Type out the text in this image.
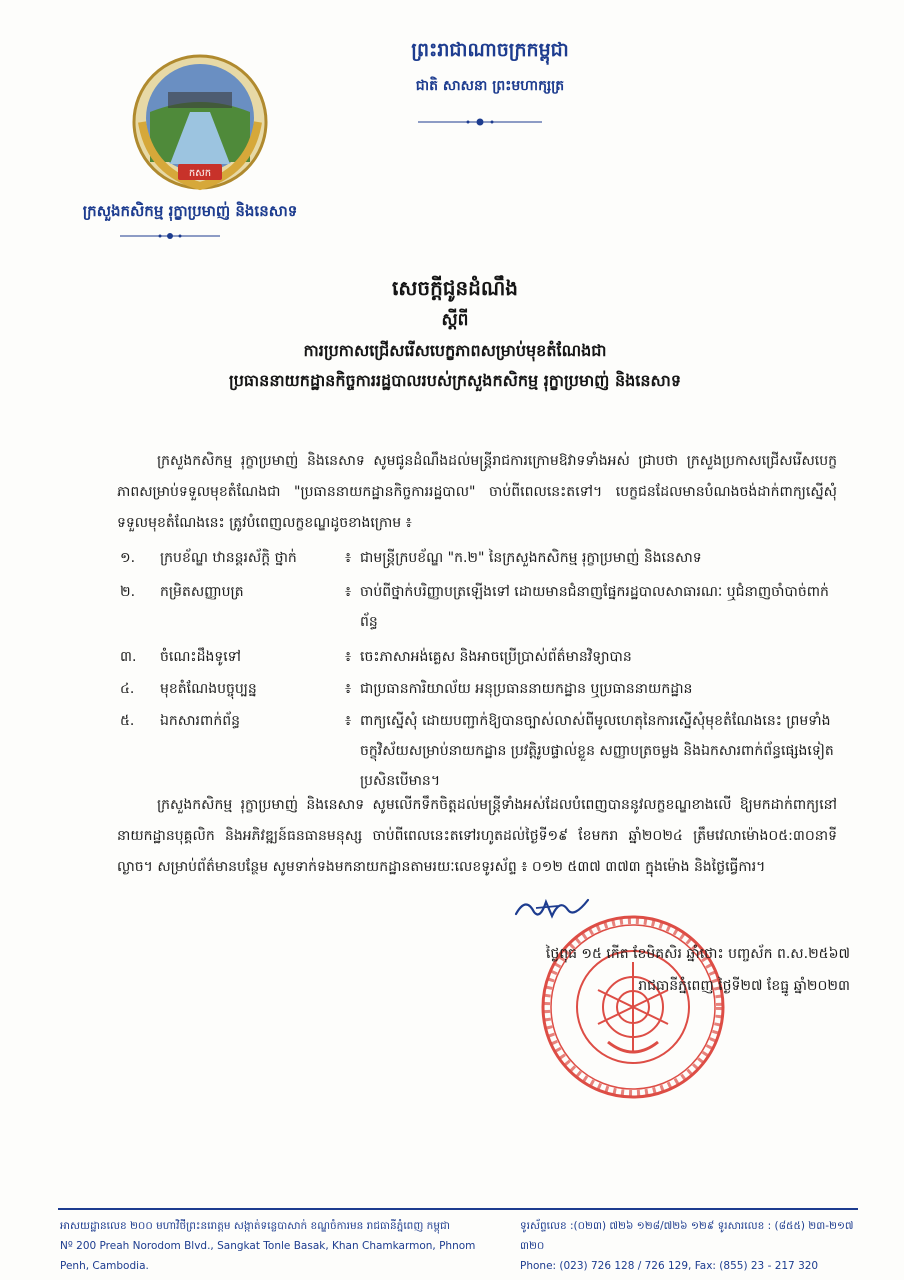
កសក
ក្រសួងកសិកម្ម រុក្ខាប្រមាញ់ និងនេសាទ
ព្រះរាជាណាចក្រកម្ពុជា
ជាតិ សាសនា ព្រះមហាក្សត្រ
សេចក្តីជូនដំណឹង
ស្តីពី
ការប្រកាសជ្រើសរើសបេក្ខភាពសម្រាប់មុខតំណែងជា
ប្រធាននាយកដ្ឋានកិច្ចការរដ្ឋបាលរបស់ក្រសួងកសិកម្ម រុក្ខាប្រមាញ់ និងនេសាទ
ក្រសួងកសិកម្ម រុក្ខាប្រមាញ់ និងនេសាទ សូមជូនដំណឹងដល់មន្ត្រីរាជការក្រោមឱវាទទាំងអស់ ជ្រាបថា ក្រសួងប្រកាសជ្រើសរើសបេក្ខភាពសម្រាប់ទទួលមុខតំណែងជា "ប្រធាននាយកដ្ឋានកិច្ចការរដ្ឋបាល" ចាប់ពីពេលនេះតទៅ។ បេក្ខជនដែលមានបំណងចង់ដាក់ពាក្យស្នើសុំទទួលមុខតំណែងនេះ ត្រូវបំពេញលក្ខខណ្ឌដូចខាងក្រោម ៖
១.	ក្របខ័ណ្ឌ ឋានន្តរស័ក្តិ ថ្នាក់	៖ ជាមន្ត្រីក្របខ័ណ្ឌ "ក.២" នៃក្រសួងកសិកម្ម រុក្ខាប្រមាញ់ និងនេសាទ
២.	កម្រិតសញ្ញាបត្រ	៖ ចាប់ពីថ្នាក់បរិញ្ញាបត្រឡើងទៅ ដោយមានជំនាញផ្នែករដ្ឋបាលសាធារណៈ ឬជំនាញចាំបាច់ពាក់ព័ន្ធ
៣.	ចំណេះដឹងទូទៅ	៖ ចេះភាសាអង់គ្លេស និងអាចប្រើប្រាស់ព័ត៌មានវិទ្យាបាន
៤.	មុខតំណែងបច្ចុប្បន្ន	៖ ជាប្រធានការិយាល័យ អនុប្រធាននាយកដ្ឋាន ឬប្រធាននាយកដ្ឋាន
៥.	ឯកសារពាក់ព័ន្ធ	៖ ពាក្យស្នើសុំ ដោយបញ្ជាក់ឱ្យបានច្បាស់លាស់ពីមូលហេតុនៃការស្នើសុំមុខតំណែងនេះ ព្រមទាំងចក្ខុវិស័យសម្រាប់នាយកដ្ឋាន ប្រវត្តិរូបផ្ទាល់ខ្លួន សញ្ញាបត្រចម្លង និងឯកសារពាក់ព័ន្ធផ្សេងទៀត ប្រសិនបើមាន។
ក្រសួងកសិកម្ម រុក្ខាប្រមាញ់ និងនេសាទ សូមលើកទឹកចិត្តដល់មន្ត្រីទាំងអស់ដែលបំពេញបាននូវលក្ខខណ្ឌខាងលើ ឱ្យមកដាក់ពាក្យនៅនាយកដ្ឋានបុគ្គលិក និងអភិវឌ្ឍន៍ធនធានមនុស្ស ចាប់ពីពេលនេះតទៅរហូតដល់ថ្ងៃទី១៩ ខែមករា ឆ្នាំ២០២៤ ត្រឹមវេលាម៉ោង០៥:៣០នាទីល្ងាច។ សម្រាប់ព័ត៌មានបន្ថែម សូមទាក់ទងមកនាយកដ្ឋានតាមរយៈលេខទូរស័ព្ទ ៖ ០១២ ៥៣៧ ៣៧៣ ក្នុងម៉ោង និងថ្ងៃធ្វើការ។
ថ្ងៃពុធ ១៥ កើត ខែមិគសិរ ឆ្នាំថោះ បញ្ចស័ក ព.ស.២៥៦៧
រាជធានីភ្នំពេញ ថ្ងៃទី២៧ ខែធ្នូ ឆ្នាំ២០២៣
អាសយដ្ឋានលេខ ២០០ មហាវិថីព្រះនរោត្តម សង្កាត់ទន្លេបាសាក់ ខណ្ឌចំការមន រាជធានីភ្នំពេញ កម្ពុជា
Nº 200 Preah Norodom Blvd., Sangkat Tonle Basak, Khan Chamkarmon, Phnom Penh, Cambodia.
ទូរស័ព្ទលេខ :(០២៣) ៧២៦ ១២៨/៧២៦ ១២៩ ទូរសារលេខ : (៨៥៥) ២៣-២១៧ ៣២០
Phone: (023) 726 128 / 726 129, Fax: (855) 23 - 217 320
